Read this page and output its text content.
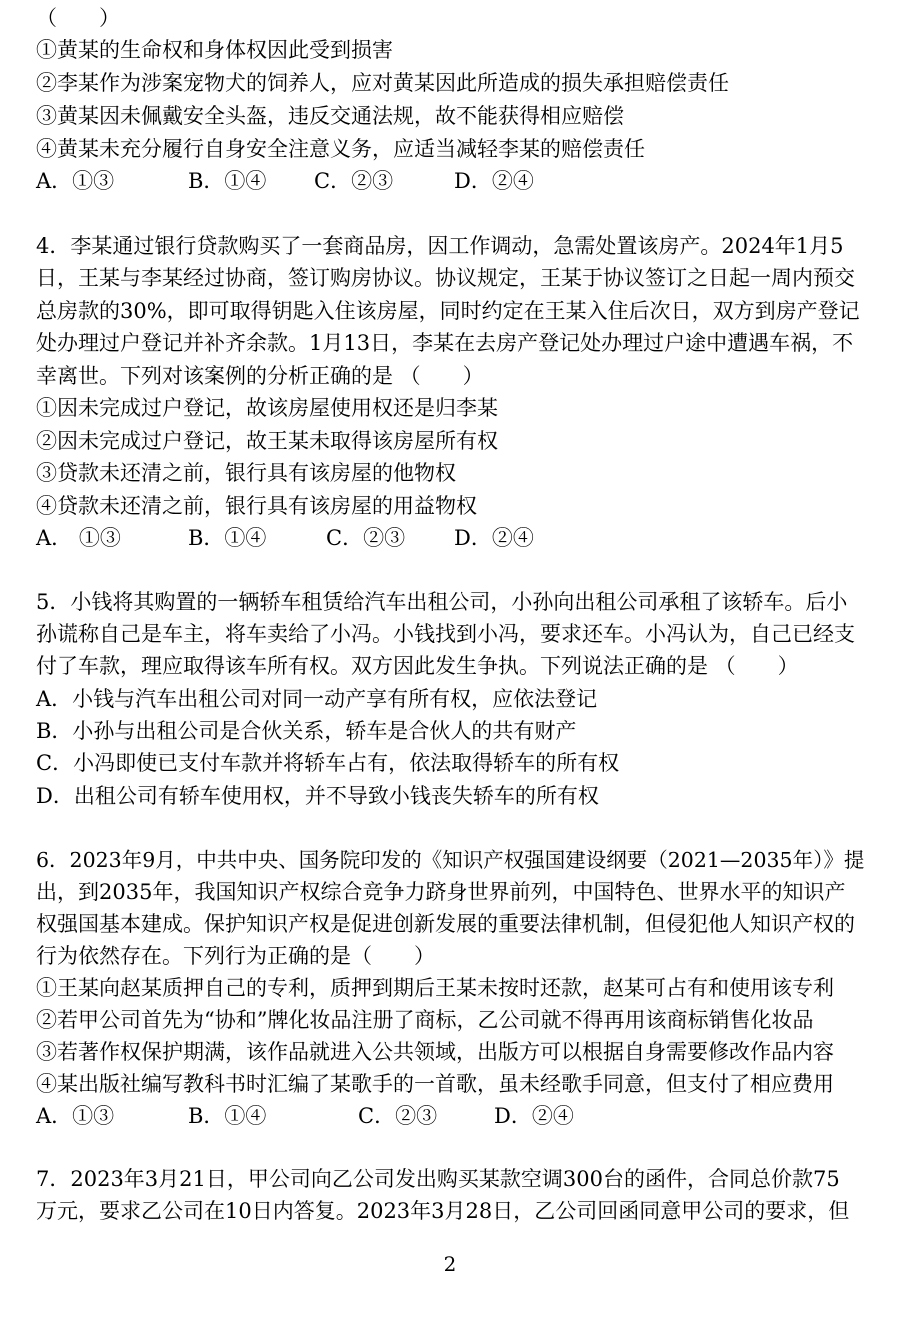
（　　）
①黄某的生命权和身体权因此受到损害
②李某作为涉案宠物犬的饲养人，应对黄某因此所造成的损失承担赔偿责任
③黄某因未佩戴安全头盔，违反交通法规，故不能获得相应赔偿
④黄某未充分履行自身安全注意义务，应适当减轻李某的赔偿责任
A．①③	B．①④ C．②③	D．②④
4．李某通过银行贷款购买了一套商品房，因工作调动，急需处置该房产。2024年1月5
日，王某与李某经过协商，签订购房协议。协议规定，王某于协议签订之日起一周内预交
总房款的30%，即可取得钥匙入住该房屋，同时约定在王某入住后次日，双方到房产登记
处办理过户登记并补齐余款。1月13日，李某在去房产登记处办理过户途中遭遇车祸，不
幸离世。下列对该案例的分析正确的是 （　　）
①因未完成过户登记，故该房屋使用权还是归李某
②因未完成过户登记，故王某未取得该房屋所有权
③贷款未还清之前，银行具有该房屋的他物权
④贷款未还清之前，银行具有该房屋的用益物权
A． ①③	B．①④	C．②③ D．②④
5．小钱将其购置的一辆轿车租赁给汽车出租公司，小孙向出租公司承租了该轿车。后小
孙谎称自己是车主，将车卖给了小冯。小钱找到小冯，要求还车。小冯认为，自己已经支
付了车款，理应取得该车所有权。双方因此发生争执。下列说法正确的是 （　　）
A．小钱与汽车出租公司对同一动产享有所有权，应依法登记
B．小孙与出租公司是合伙关系，轿车是合伙人的共有财产
C．小冯即使已支付车款并将轿车占有，依法取得轿车的所有权
D．出租公司有轿车使用权，并不导致小钱丧失轿车的所有权
6．2023年9月，中共中央、国务院印发的《知识产权强国建设纲要（2021—2035年）》提
出，到2035年，我国知识产权综合竞争力跻身世界前列，中国特色、世界水平的知识产
权强国基本建成。保护知识产权是促进创新发展的重要法律机制，但侵犯他人知识产权的
行为依然存在。下列行为正确的是（　　）
①王某向赵某质押自己的专利，质押到期后王某未按时还款，赵某可占有和使用该专利
②若甲公司首先为“协和”牌化妆品注册了商标，乙公司就不得再用该商标销售化妆品
③若著作权保护期满，该作品就进入公共领域，出版方可以根据自身需要修改作品内容
④某出版社编写教科书时汇编了某歌手的一首歌，虽未经歌手同意，但支付了相应费用
A．①③	B．①④	C．②③	D．②④
7．2023年3月21日，甲公司向乙公司发出购买某款空调300台的函件，合同总价款75
万元，要求乙公司在10日内答复。2023年3月28日，乙公司回函同意甲公司的要求，但
2
